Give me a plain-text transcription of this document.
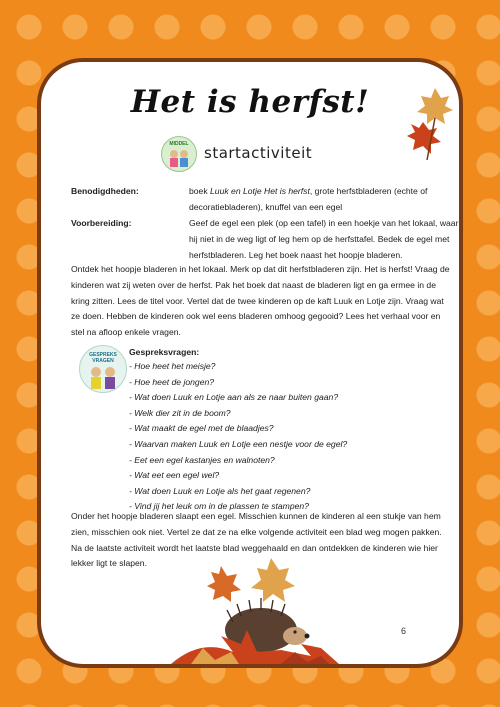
Het is herfst!
MIDDEL startactiviteit
Benodigdheden:	boek Luuk en Lotje Het is herfst, grote herfstbladeren (echte of decoratiebladeren), knuffel van een egel
Voorbereiding:	Geef de egel een plek (op een tafel) in een hoekje van het lokaal, waar hij niet in de weg ligt of leg hem op de herfsttafel. Bedek de egel met herfstbladeren. Leg het boek naast het hoopje bladeren.

Ontdek het hoopje bladeren in het lokaal. Merk op dat dit herfstbladeren zijn. Het is herfst! Vraag de kinderen wat zij weten over de herfst. Pak het boek dat naast de bladeren ligt en ga ermee in de kring zitten. Lees de titel voor. Vertel dat de twee kinderen op de kaft Luuk en Lotje zijn. Vraag wat ze doen. Hebben de kinderen ook wel eens bladeren omhoog gegooid? Lees het verhaal voor en stel na afloop enkele vragen.

GESPREKS VRAGEN
Gespreksvragen:
- Hoe heet het meisje?
- Hoe heet de jongen?
- Wat doen Luuk en Lotje aan als ze naar buiten gaan?
- Welk dier zit in de boom?
- Wat maakt de egel met de blaadjes?
- Waarvan maken Luuk en Lotje een nestje voor de egel?
- Eet een egel kastanjes en walnoten?
- Wat eet een egel wel?
- Wat doen Luuk en Lotje als het gaat regenen?
- Vind jij het leuk om in de plassen te stampen?

Onder het hoopje bladeren slaapt een egel. Misschien kunnen de kinderen al een stukje van hem zien, misschien ook niet. Vertel ze dat ze na elke volgende activiteit een blad weg mogen pakken. Na de laatste activiteit wordt het laatste blad weggehaald en dan ontdekken de kinderen wie hier lekker ligt te slapen.

6
